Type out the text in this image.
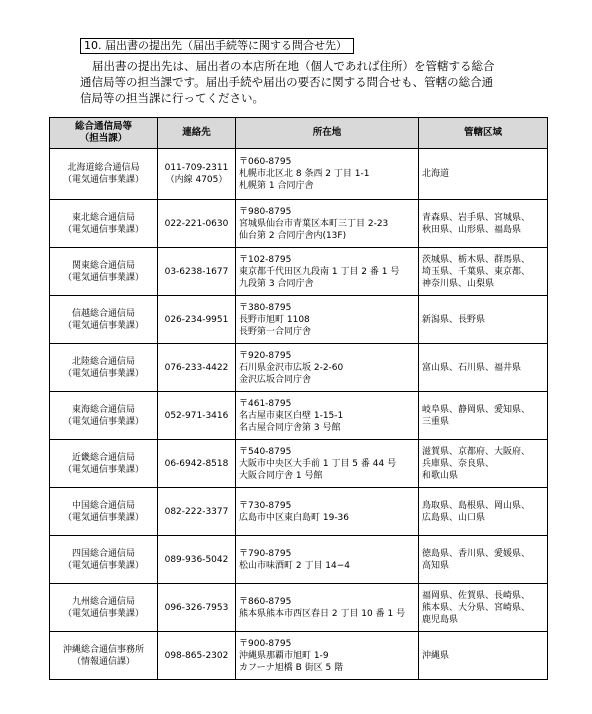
10. 届出書の提出先（届出手続等に関する問合せ先）

届出書の提出先は、届出者の本店所在地（個人であれば住所）を管轄する総合

通信局等の担当課です。届出手続や届出の要否に関する問合せも、管轄の総合通

信局等の担当課に行ってください。

総合通信局等
（担当課）	連絡先	所在地	管轄区域

北海道総合通信局
（電気通信事業課）	011-709-2311
（内線 4705）	〒060-8795
札幌市北区北 8 条西 2 丁目 1-1
札幌第 1 合同庁舎	北海道

東北総合通信局
（電気通信事業課）	022-221-0630	〒980-8795
宮城県仙台市青葉区本町三丁目 2-23
仙台第 2 合同庁舎内(13F)	青森県、岩手県、宮城県、
秋田県、山形県、福島県

関東総合通信局
（電気通信事業課）	03-6238-1677	〒102-8795
東京都千代田区九段南 1 丁目 2 番 1 号
九段第 3 合同庁舎	茨城県、栃木県、群馬県、
埼玉県、千葉県、東京都、
神奈川県、山梨県

信越総合通信局
（電気通信事業課）	026-234-9951	〒380-8795
長野市旭町 1108
長野第一合同庁舎	新潟県、長野県

北陸総合通信局
（電気通信事業課）	076-233-4422	〒920-8795
石川県金沢市広坂 2-2-60
金沢広坂合同庁舎	富山県、石川県、福井県

東海総合通信局
（電気通信事業課）	052-971-3416	〒461-8795
名古屋市東区白壁 1-15-1
名古屋合同庁舎第 3 号館	岐阜県、静岡県、愛知県、
三重県

近畿総合通信局
（電気通信事業課）	06-6942-8518	〒540-8795
大阪市中央区大手前 1 丁目 5 番 44 号
大阪合同庁舎 1 号館	滋賀県、京都府、大阪府、
兵庫県、奈良県、
和歌山県

中国総合通信局
（電気通信事業課）	082-222-3377	〒730-8795
広島市中区東白島町 19-36	鳥取県、島根県、岡山県、
広島県、山口県

四国総合通信局
（電気通信事業課）	089-936-5042	〒790-8795
松山市味酒町 2 丁目 14−4	徳島県、香川県、愛媛県、
高知県

九州総合通信局
（電気通信事業課）	096-326-7953	〒860-8795
熊本県熊本市西区春日 2 丁目 10 番 1 号	福岡県、佐賀県、長崎県、
熊本県、大分県、宮崎県、
鹿児島県

沖縄総合通信事務所
（情報通信課）	098-865-2302	〒900-8795
沖縄県那覇市旭町 1-9
カフーナ旭橋 B 街区 5 階	沖縄県
